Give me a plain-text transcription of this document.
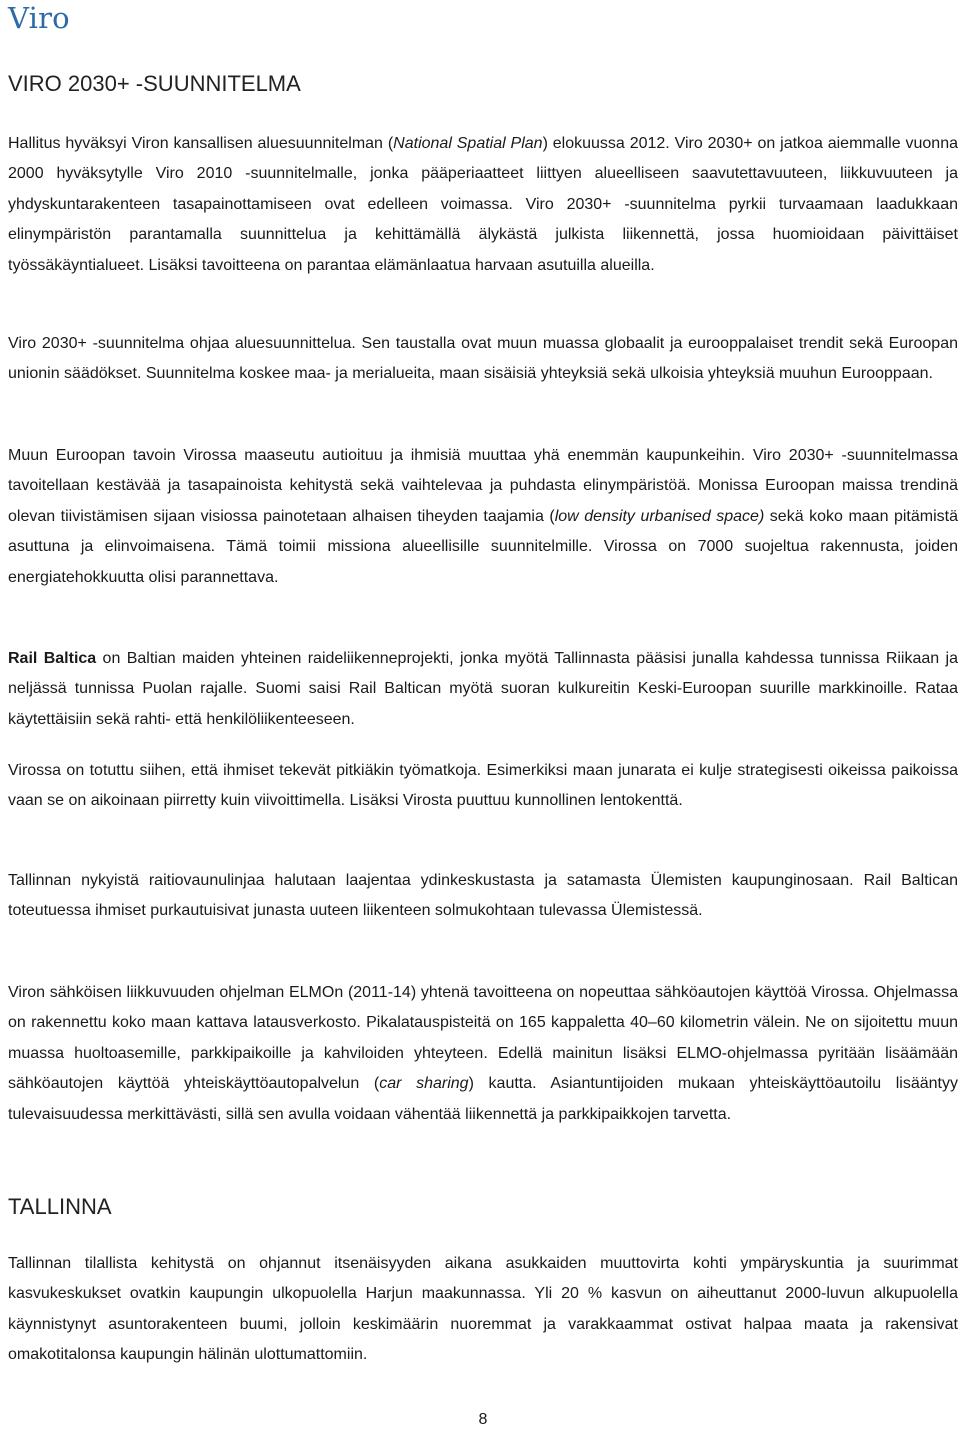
Viro
VIRO 2030+ -SUUNNITELMA

Hallitus hyväksyi Viron kansallisen aluesuunnitelman (National Spatial Plan) elokuussa 2012. Viro 2030+ on jatkoa aiemmalle vuonna 2000 hyväksytylle Viro 2010 -suunnitelmalle, jonka pääperiaatteet liittyen alueelliseen saavutettavuuteen, liikkuvuuteen ja yhdyskuntarakenteen tasapainottamiseen ovat edelleen voimassa. Viro 2030+ -suunnitelma pyrkii turvaamaan laadukkaan elinympäristön parantamalla suunnittelua ja kehittämällä älykästä julkista liikennettä, jossa huomioidaan päivittäiset työssäkäyntialueet. Lisäksi tavoitteena on parantaa elämänlaatua harvaan asutuilla alueilla.

Viro 2030+ -suunnitelma ohjaa aluesuunnittelua. Sen taustalla ovat muun muassa globaalit ja eurooppalaiset trendit sekä Euroopan unionin säädökset. Suunnitelma koskee maa- ja merialueita, maan sisäisiä yhteyksiä sekä ulkoisia yhteyksiä muuhun Eurooppaan.

Muun Euroopan tavoin Virossa maaseutu autioituu ja ihmisiä muuttaa yhä enemmän kaupunkeihin. Viro 2030+ -suunnitelmassa tavoitellaan kestävää ja tasapainoista kehitystä sekä vaihtelevaa ja puhdasta elinympäristöä. Monissa Euroopan maissa trendinä olevan tiivistämisen sijaan visiossa painotetaan alhaisen tiheyden taajamia (low density urbanised space) sekä koko maan pitämistä asuttuna ja elinvoimaisena. Tämä toimii missiona alueellisille suunnitelmille. Virossa on 7000 suojeltua rakennusta, joiden energiatehokkuutta olisi parannettava.

Rail Baltica on Baltian maiden yhteinen raideliikenneprojekti, jonka myötä Tallinnasta pääsisi junalla kahdessa tunnissa Riikaan ja neljässä tunnissa Puolan rajalle. Suomi saisi Rail Baltican myötä suoran kulkureitin Keski-Euroopan suurille markkinoille. Rataa käytettäisiin sekä rahti- että henkilöliikenteeseen.

Virossa on totuttu siihen, että ihmiset tekevät pitkiäkin työmatkoja. Esimerkiksi maan junarata ei kulje strategisesti oikeissa paikoissa vaan se on aikoinaan piirretty kuin viivoittimella. Lisäksi Virosta puuttuu kunnollinen lentokenttä.

Tallinnan nykyistä raitiovaunulinjaa halutaan laajentaa ydinkeskustasta ja satamasta Ülemisten kaupunginosaan. Rail Baltican toteutuessa ihmiset purkautuisivat junasta uuteen liikenteen solmukohtaan tulevassa Ülemistessä.

Viron sähköisen liikkuvuuden ohjelman ELMOn (2011-14) yhtenä tavoitteena on nopeuttaa sähköautojen käyttöä Virossa. Ohjelmassa on rakennettu koko maan kattava latausverkosto. Pikalatauspisteitä on 165 kappaletta 40–60 kilometrin välein. Ne on sijoitettu muun muassa huoltoasemille, parkkipaikoille ja kahviloiden yhteyteen. Edellä mainitun lisäksi ELMO-ohjelmassa pyritään lisäämään sähköautojen käyttöä yhteiskäyttöautopalvelun (car sharing) kautta. Asiantuntijoiden mukaan yhteiskäyttöautoilu lisääntyy tulevaisuudessa merkittävästi, sillä sen avulla voidaan vähentää liikennettä ja parkkipaikkojen tarvetta.

TALLINNA

Tallinnan tilallista kehitystä on ohjannut itsenäisyyden aikana asukkaiden muuttovirta kohti ympäryskuntia ja suurimmat kasvukeskukset ovatkin kaupungin ulkopuolella Harjun maakunnassa. Yli 20 % kasvun on aiheuttanut 2000-luvun alkupuolella käynnistynyt asuntorakenteen buumi, jolloin keskimäärin nuoremmat ja varakkaammat ostivat halpaa maata ja rakensivat omakotitalonsa kaupungin hälinän ulottumattomiin.

8
